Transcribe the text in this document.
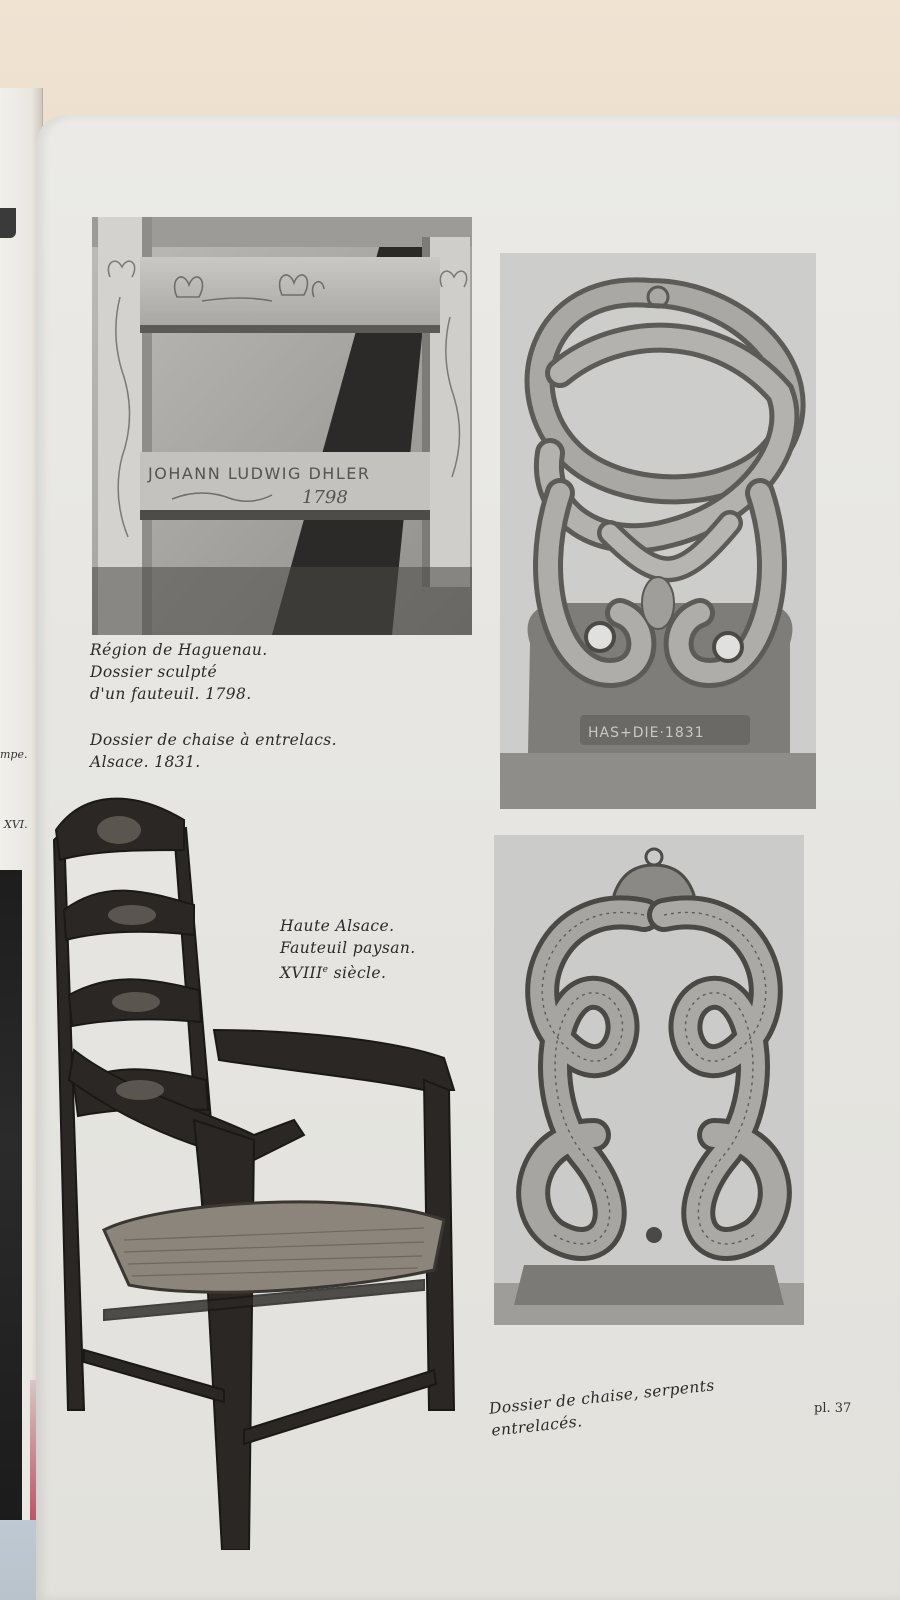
mpe.
XVI.
JOHANN LUDWIG DHLER
1798
HAS+DIE·1831
Région de Haguenau.
Dossier sculpté
d'un fauteuil. 1798.
Dossier de chaise à entrelacs.
Alsace. 1831.
Haute Alsace.
Fauteuil paysan.
XVIIIe siècle.
Dossier de chaise, serpents
entrelacés.
pl. 37
